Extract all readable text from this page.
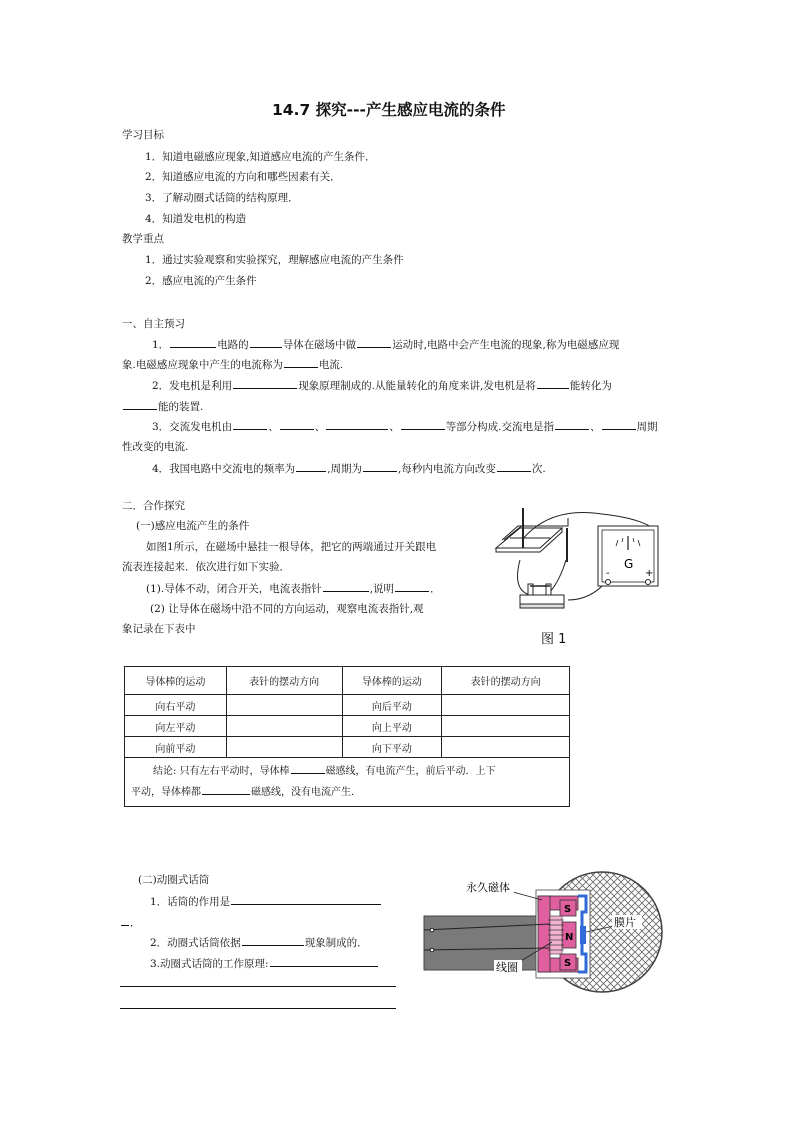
14.7 探究---产生感应电流的条件
学习目标
1．知道电磁感应现象,知道感应电流的产生条件．
2．知道感应电流的方向和哪些因素有关．
3．了解动圈式话筒的结构原理．
4．知道发电机的构造
教学重点
1．通过实验观察和实验探究，理解感应电流的产生条件
2．感应电流的产生条件
一、自主预习
1．	电路的	导体在磁场中做	运动时,电路中会产生电流的现象,称为电磁感应现
象.电磁感应现象中产生的电流称为	电流.
2．发电机是利用	现象原理制成的.从能量转化的角度来讲,发电机是将	能转化为
能的装置.
3．交流发电机由	、	、	、	等部分构成.交流电是指	、	周期
性改变的电流.
4．我国电路中交流电的频率为	,周期为	,每秒内电流方向改变	次.
二．合作探究
(一)感应电流产生的条件
如图1所示，在磁场中悬挂一根导体，把它的两端通过开关跟电
流表连接起来．依次进行如下实验．
(1).导体不动，闭合开关，电流表指针	,说明	．
(2) 让导体在磁场中沿不同的方向运动，观察电流表指针,观
象记录在下表中
G
-	+
图 1
导体棒的运动	表针的摆动方向	导体棒的运动	表针的摆动方向
向右平动		向后平动	
向左平动		向上平动	
向前平动		向下平动	
结论: 只有左右平动时，导体棒 磁感线，有电流产生，前后平动．上下
平动，导体棒都 磁感线，没有电流产生．			
(二)动圈式话筒
1．话筒的作用是
．
2．动圈式话筒依据	现象制成的．
3.动圈式话筒的工作原理:
N
S
S
永久磁体
线圈
膜片
